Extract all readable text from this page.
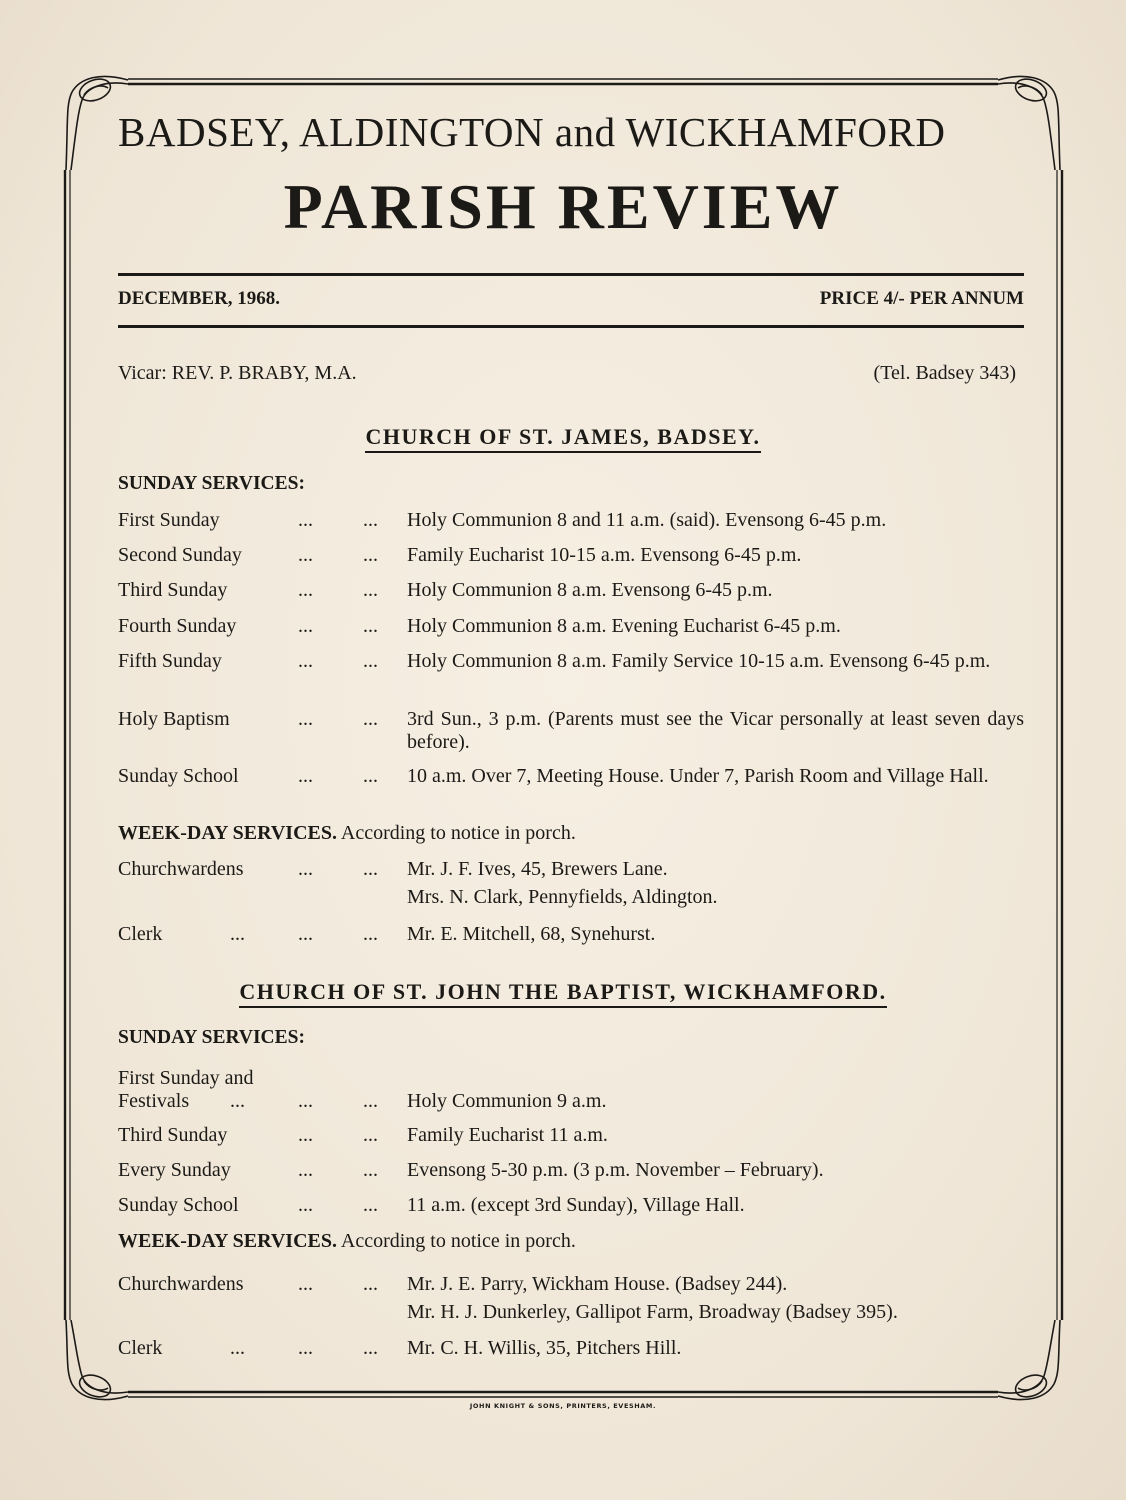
BADSEY, ALDINGTON and WICKHAMFORD
PARISH REVIEW
DECEMBER, 1968.	PRICE 4/- PER ANNUM
Vicar: REV. P. BRABY, M.A.	(Tel. Badsey 343)
CHURCH OF ST. JAMES, BADSEY.
SUNDAY SERVICES:
First Sunday	...	... Holy Communion 8 and 11 a.m. (said). Evensong 6-45 p.m.
Second Sunday	...	... Family Eucharist 10-15 a.m. Evensong 6-45 p.m.
Third Sunday	...	... Holy Communion 8 a.m. Evensong 6-45 p.m.
Fourth Sunday	...	... Holy Communion 8 a.m. Evening Eucharist 6-45 p.m.
Fifth Sunday	...	... Holy Communion 8 a.m. Family Service 10-15 a.m. Evensong 6-45 p.m.
Holy Baptism	...	... 3rd Sun., 3 p.m. (Parents must see the Vicar personally at least seven days before).
Sunday School	...	... 10 a.m. Over 7, Meeting House. Under 7, Parish Room and Village Hall.
WEEK-DAY SERVICES. According to notice in porch.
Churchwardens	...	... Mr. J. F. Ives, 45, Brewers Lane.
Mrs. N. Clark, Pennyfields, Aldington.
Clerk	...	...	... Mr. E. Mitchell, 68, Synehurst.
CHURCH OF ST. JOHN THE BAPTIST, WICKHAMFORD.
SUNDAY SERVICES:
First Sunday and
Festivals	...	...	... Holy Communion 9 a.m.
Third Sunday	...	... Family Eucharist 11 a.m.
Every Sunday	...	... Evensong 5-30 p.m. (3 p.m. November – February).
Sunday School	...	... 11 a.m. (except 3rd Sunday), Village Hall.
WEEK-DAY SERVICES. According to notice in porch.
Churchwardens	...	... Mr. J. E. Parry, Wickham House. (Badsey 244).
Mr. H. J. Dunkerley, Gallipot Farm, Broadway (Badsey 395).
Clerk	...	...	... Mr. C. H. Willis, 35, Pitchers Hill.
JOHN KNIGHT & SONS, PRINTERS, EVESHAM.
